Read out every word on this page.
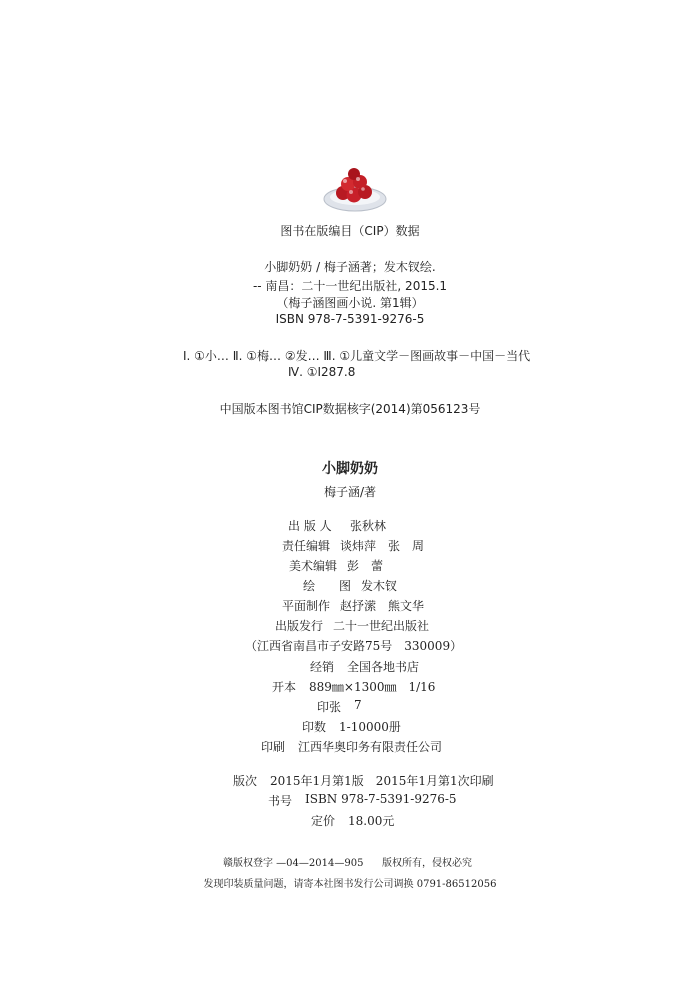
图书在版编目（CIP）数据
小脚奶奶 / 梅子涵著；发木钗绘.
-- 南昌：二十一世纪出版社, 2015.1
（梅子涵图画小说. 第1辑）
ISBN 978-7-5391-9276-5
Ⅰ. ①小… Ⅱ. ①梅… ②发… Ⅲ. ①儿童文学－图画故事－中国－当代
Ⅳ. ①I287.8
中国版本图书馆CIP数据核字(2014)第056123号
小脚奶奶
梅子涵/著
出 版 人	张秋林
责任编辑 谈炜萍　张　周
美术编辑 彭　蕾
绘　　图 发木钗
平面制作 赵抒潆　熊文华
出版发行 二十一世纪出版社
（江西省南昌市子安路75号　330009）
经销 全国各地书店
开本 889㎜×1300㎜　1/16
印张 7
印数 1-10000册
印刷 江西华奥印务有限责任公司
版次 2015年1月第1版　2015年1月第1次印刷
书号 ISBN 978-7-5391-9276-5
定价 18.00元
赣版权登字 —04—2014—905 版权所有，侵权必究
发现印装质量问题，请寄本社图书发行公司调换 0791-86512056
